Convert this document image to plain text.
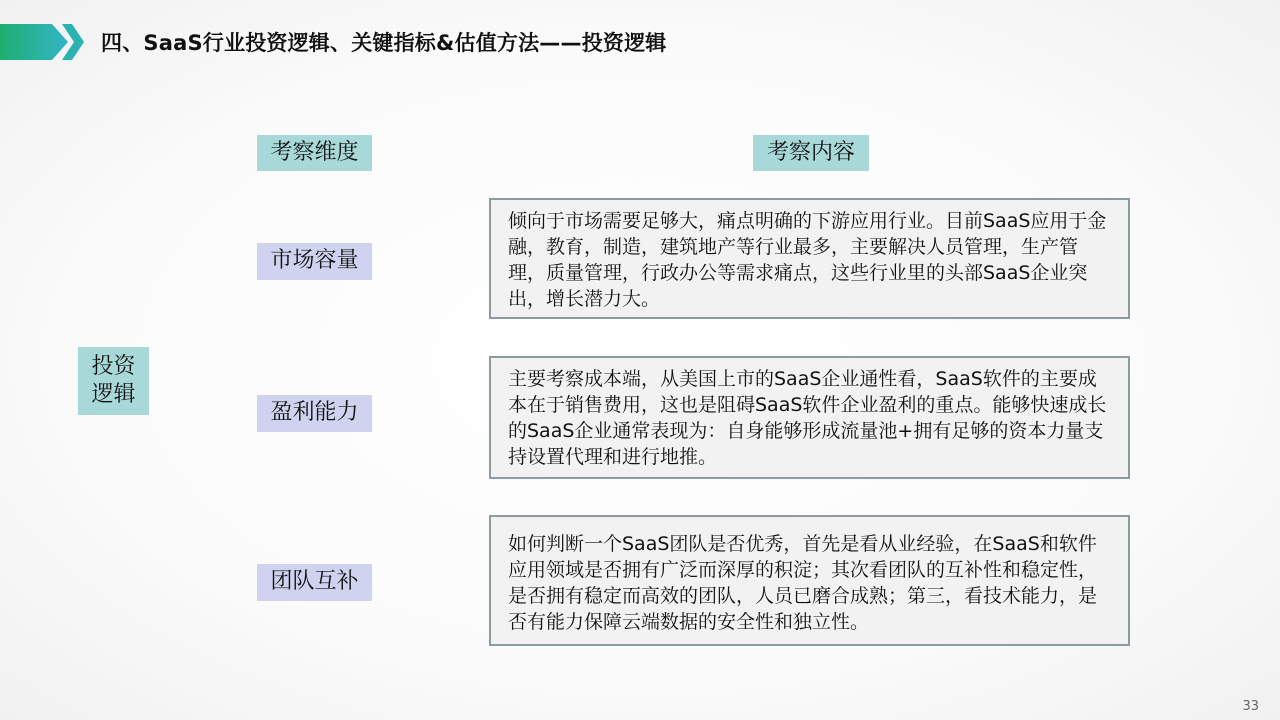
四、SaaS行业投资逻辑、关键指标&估值方法——投资逻辑
考察维度	考察内容
投资
逻辑
市场容量
盈利能力
团队互补
倾向于市场需要足够大，痛点明确的下游应用行业。目前SaaS应用于金融，教育，制造，建筑地产等行业最多，主要解决人员管理，生产管理，质量管理，行政办公等需求痛点，这些行业里的头部SaaS企业突出，增长潜力大。
主要考察成本端，从美国上市的SaaS企业通性看，SaaS软件的主要成本在于销售费用，这也是阻碍SaaS软件企业盈利的重点。能够快速成长的SaaS企业通常表现为：自身能够形成流量池+拥有足够的资本力量支持设置代理和进行地推。
如何判断一个SaaS团队是否优秀，首先是看从业经验，在SaaS和软件应用领域是否拥有广泛而深厚的积淀；其次看团队的互补性和稳定性，是否拥有稳定而高效的团队，人员已磨合成熟；第三，看技术能力，是否有能力保障云端数据的安全性和独立性。
33
